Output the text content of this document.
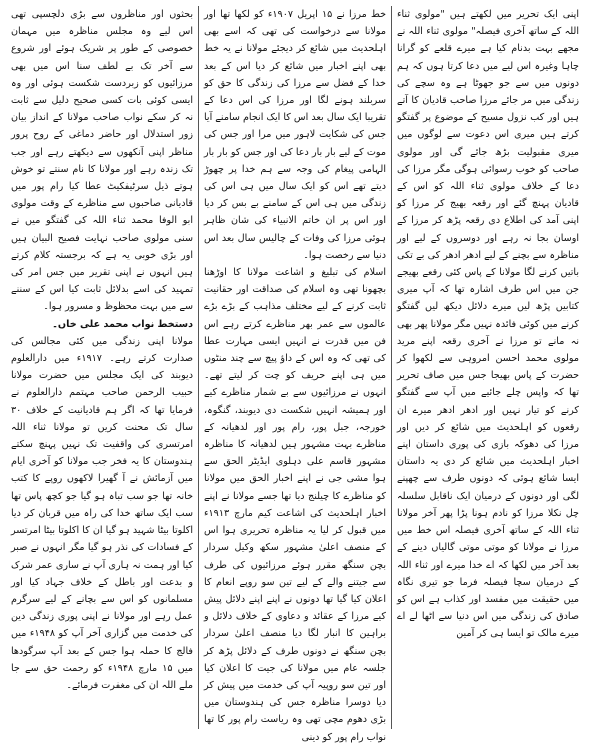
اپنی ایک تحریر میں لکھتے ہیں "مولوی ثناء اللہ کے ساتھ آخری فیصلہ" مولوی ثناء اللہ نے مجھے بہت بدنام کیا ہے میرے قلعے کو گرانا چاہا وغیرہ اس لیے میں دعا کرتا ہوں کہ ہم دونوں میں سے جو جھوٹا ہے وہ سچے کی زندگی میں مر جائے مرزا صاحب قادیان کا آتے ہیں اور کب نزول مسیح کے موضوع پر گفتگو کرتے ہیں میری اس دعوت سے لوگوں میں میری مقبولیت بڑھ جائے گی اور مولوی صاحب کو خوب رسوائی ہوگی مگر مرزا کی دعا کے خلاف مولوی ثناء اللہ کو اس کے قادیان پہنچ گئے اور رقعہ بھیج کر مرزا کو اپنی آمد کی اطلاع دی رقعہ پڑھ کر مرزا کے اوسان بجا نہ رہے اور دوسروں کے لیے اور مناظرہ سے بچنے کے لیے ادھر ادھر کی بے تکی باتیں کرنے لگا مولانا کے پاس کئی رقعے بھیجے جن میں اس طرف اشارہ تھا کہ آپ میری کتابیں پڑھ لیں میرے دلائل دیکھ لیں گفتگو کرنے میں کوئی فائدہ نہیں مگر مولانا پھر بھی نہ مانے تو مرزا نے آخری رقعہ اپنے مرید مولوی محمد احسن امروہی سے لکھوا کر حضرت کے پاس بھیجا جس میں صاف تحریر تھا کہ واپس چلے جائیے میں آپ سے گفتگو کرنے کو تیار نہیں اور ادھر ادھر میرے ان رقعوں کو اہلحدیث میں شائع کر دیں اور مرزا کی دھوکہ بازی کی پوری داستان اپنے اخبار اہلحدیث میں شائع کر دی یہ داستان ایسا شائع ہوئی کہ دونوں طرف سے چھپنے لگی اور دونوں کے درمیان ایک ناقابل سلسلہ چل نکلا مرزا کو نادم ہونا پڑا پھر آخر مولانا ثناء اللہ کے ساتھ آخری فیصلہ اس خط میں مرزا نے مولانا کو موتی موتی گالیاں دینے کے بعد آخر میں لکھا کہ اے خدا میرے اور ثناء اللہ کے درمیان سچا فیصلہ فرما جو تیری نگاہ میں حقیقت میں مفسد اور کذاب ہے اس کو صادق کی زندگی میں اس دنیا سے اٹھا لے اے میرے مالک تو ایسا ہی کر آمین

خط مرزا نے ۱۵ اپریل ۱۹۰۷ء کو لکھا تھا اور مولانا سے درخواست کی تھی کہ اسے بھی اہلحدیث میں شائع کر دیجئے مولانا نے یہ خط بھی اپنے اخبار میں شائع کر دیا اس کے بعد خدا کے فضل سے مرزا کی زندگی کا حق کو سربلند ہونے لگا اور مرزا کی اس دعا کے تقریبا ایک سال بعد اس کا ایک انجام سامنے آیا جس کی شکایت لاہور میں مرا اور جس کی موت کے لیے بار بار دعا کی اور جس کو بار بار الہامی پیغام کی وجہ سے ہم خدا پر چھوڑ دیتے تھے اس کو ایک سال میں ہی اس کی زندگی میں ہی اس کے سامنے بے بس کر دیا اور اس پر ان خاتم الانبیاء کی شان ظاہر ہوئی مرزا کی وفات کے چالیس سال بعد اس دنیا سے رخصت ہوا۔

اسلام کی تبلیغ و اشاعت مولانا کا اوڑھنا بچھونا تھی وہ اسلام کی صداقت اور حقانیت ثابت کرنے کے لیے مختلف مذاہب کے بڑے بڑے عالموں سے عمر بھر مناظرے کرتے رہے اس فن میں قدرت نے انہیں ایسی مہارت عطا کی تھی کہ وہ اس کے داؤ پیچ سے چند منٹوں میں ہی اپنے حریف کو چت کر لیتے تھے۔ انہوں نے مرزائیوں سے بے شمار مناظرے کیے اور ہمیشہ انہیں شکست دی دیوبند، گنگوہ، خورجہ، جبل پور، رام پور اور لدھیانہ کے مناظرے بہت مشہور ہیں لدھیانہ کا مناظرہ مشہور قاسم علی دہلوی ایڈیٹر الحق سے ہوا مشی جی نے اپنے اخبار الحق میں مولانا کو مناظرے کا چیلنج دیا تھا جسے مولانا نے اپنے اخبار اہلحدیث کی اشاعت کیم مارچ ۱۹۱۳ء میں قبول کر لیا یہ مناظرہ تحریری ہوا اس کے منصف اعلیٰ مشہور سکھ وکیل سردار بچن سنگھ مقرر ہوئے مرزائیوں کی طرف سے جیتنے والے کے لیے تین سو روپے انعام کا اعلان کیا گیا تھا دونوں نے اپنے اپنے دلائل پیش کیے مرزا کے عقائد و دعاوی کے خلاف دلائل و براہین کا انبار لگا دیا منصف اعلیٰ سردار بچن سنگھ نے دونوں طرف کے دلائل پڑھ کر جلسہ عام میں مولانا کی جیت کا اعلان کیا اور تین سو روپیہ آپ کی خدمت میں پیش کر دیا دوسرا مناظرہ جس کی ہندوستان میں بڑی دھوم مچی تھی وہ ریاست رام پور کا تھا نواب رام پور کو دینی

بحثوں اور مناظروں سے بڑی دلچسپی تھی اس لیے وہ مجلس مناظرہ میں مہمان خصوصی کے طور پر شریک ہوئے اور شروع سے آخر تک بے لطف سنا اس میں بھی مرزائیوں کو زبردست شکست ہوئی اور وہ ایسی کوئی بات کسی صحیح دلیل سے ثابت نہ کر سکے نواب صاحب مولانا کے انداز بیان زور استدلال اور حاضر دماغی کے روح پرور مناظر اپنی آنکھوں سے دیکھتے رہے اور جب تک زندہ رہے اور مولانا کا نام سنتے تو خوش ہوتے ذیل سرٹیفکیٹ عطا کیا رام پور میں قادیانی صاحبوں سے مناظرے کے وقت مولوی ابو الوفا محمد ثناء اللہ کی گفتگو میں نے سنی مولوی صاحب نہایت فصیح البیان ہیں اور بڑی خوبی یہ ہے کہ برجستہ کلام کرتے ہیں انہوں نے اپنی تقریر میں جس امر کی تمہید کی اسے بدلائل ثابت کیا اس کے سننے سے میں بہت محظوظ و مسرور ہوا۔

دستخط نواب محمد علی خاں۔

مولانا اپنی زندگی میں کئی مجالس کی صدارت کرتے رہے۔ ۱۹۱۷ء میں دارالعلوم دیوبند کی ایک مجلس میں حضرت مولانا حبیب الرحمن صاحب مہتمم دارالعلوم نے فرمایا تھا کہ اگر ہم قادیانیت کے خلاف ۳۰ سال تک محنت کریں تو مولانا ثناء اللہ امرتسری کی واقفیت تک نہیں پہنچ سکتے ہندوستان کا یہ فخر جب مولانا کو آخری ایام میں آزمائش نے آ گھیرا لاکھوں روپے کا کتب خانہ تھا جو سب تباہ ہو گیا جو کچھ پاس تھا سب ایک ساتھ خدا کی راہ میں قربان کر دیا اکلوتا بیٹا شہید ہو گیا ان کا اکلوتا بیٹا امرتسر کے فسادات کی نذر ہو گیا مگر انہوں نے صبر کیا اور ہمت نہ ہاری آپ نے ساری عمر شرک و بدعت اور باطل کے خلاف جہاد کیا اور مسلمانوں کو اس سے بچانے کے لیے سرگرم عمل رہے اور مولانا نے اپنی پوری زندگی دین کی خدمت میں گزاری آخر آپ کو ۱۹۴۸ء میں فالج کا حملہ ہوا جس کے بعد آپ سرگودھا میں ۱۵ مارچ ۱۹۴۸ء کو رحمت حق سے جا ملے اللہ ان کی مغفرت فرمائے۔
